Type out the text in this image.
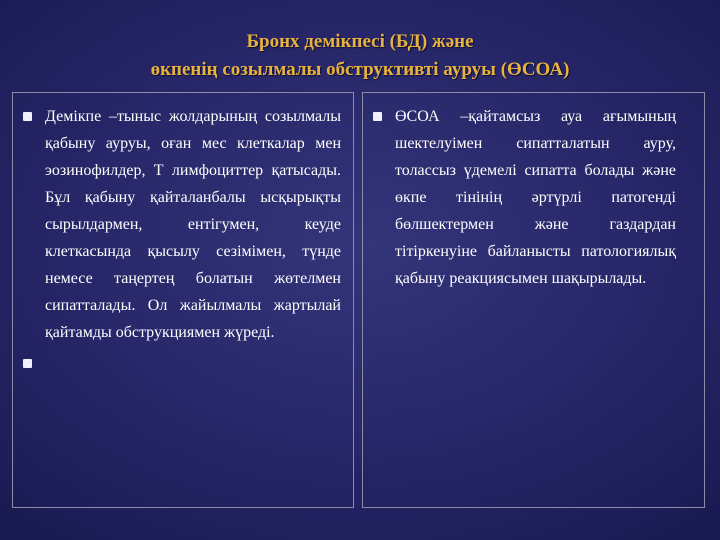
Бронх демікпесі (БД) және
өкпенің созылмалы обструктивті ауруы (ӨСОА)
Демікпе –тыныс жолдарының созылмалы қабыну ауруы, оған мес клеткалар мен эозинофилдер, Т лимфоциттер қатысады. Бұл қабыну қайталанбалы ысқырықты сырылдармен, ентігумен, кеуде клеткасында қысылу сезімімен, түнде немесе таңертең болатын жөтелмен сипатталады. Ол жайылмалы жартылай қайтамды обструкциямен жүреді.
ӨСОА –қайтамсыз ауа ағымының шектелуімен сипатталатын ауру, толассыз үдемелі сипатта болады және өкпе тінінің әртүрлі патогенді бөлшектермен және газдардан тітіркенуіне байланысты патологиялық қабыну реакциясымен шақырылады.
